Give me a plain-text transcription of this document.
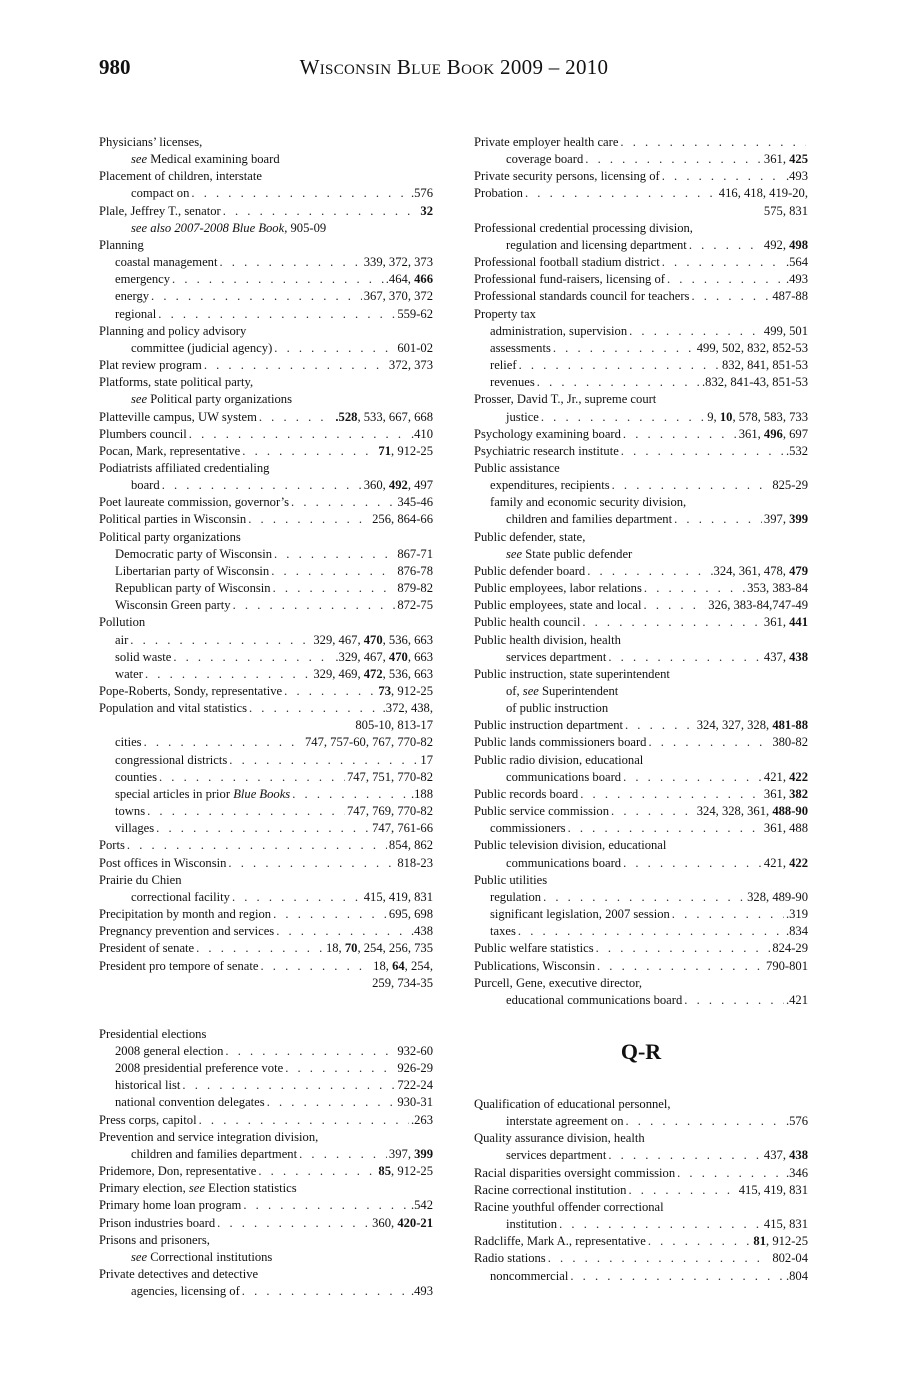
980	Wisconsin Blue Book 2009 – 2010
Physicians’ licenses,
see Medical examining board
Placement of children, interstate
compact on . . .	.576
Plale, Jeffrey T., senator . . .	32
see also 2007-2008 Blue Book, 905-09
Planning
coastal management . . .	339, 372, 373
emergency . . .	.464, 466
energy . . .	367, 370, 372
regional . . .	559-62
Planning and policy advisory
committee (judicial agency) . . .	601-02
Plat review program . . .	372, 373
Platforms, state political party,
see Political party organizations
Platteville campus, UW system . . .	.528, 533, 667, 668
Plumbers council . . .	.410
Pocan, Mark, representative . . .	71, 912-25
Podiatrists affiliated credentialing
board . . .	360, 492, 497
Poet laureate commission, governor’s . . .	345-46
Political parties in Wisconsin . . .	256, 864-66
Political party organizations
Democratic party of Wisconsin . . .	867-71
Libertarian party of Wisconsin . . .	876-78
Republican party of Wisconsin . . .	879-82
Wisconsin Green party . . .	872-75
Pollution
air . . .	329, 467, 470, 536, 663
solid waste . . .	.329, 467, 470, 663
water . . .	329, 469, 472, 536, 663
Pope-Roberts, Sondy, representative . . .	73, 912-25
Population and vital statistics . . .	.372, 438,
805-10, 813-17
cities . . .	747, 757-60, 767, 770-82
congressional districts . . .	17
counties . . .	747, 751, 770-82
special articles in prior Blue Books . . .	.188
towns . . .	747, 769, 770-82
villages . . .	747, 761-66
Ports . . .	854, 862
Post offices in Wisconsin . . .	818-23
Prairie du Chien
correctional facility . . .	415, 419, 831
Precipitation by month and region . . .	695, 698
Pregnancy prevention and services . . .	.438
President of senate . . .	18, 70, 254, 256, 735
President pro tempore of senate . . .	18, 64, 254,
259, 734-35
Presidential elections
2008 general election . . .	932-60
2008 presidential preference vote . . .	926-29
historical list . . .	722-24
national convention delegates . . .	930-31
Press corps, capitol . . .	.263
Prevention and service integration division,
children and families department . . .	397, 399
Pridemore, Don, representative . . .	85, 912-25
Primary election, see Election statistics
Primary home loan program . . .	.542
Prison industries board . . .	360, 420-21
Prisons and prisoners,
see Correctional institutions
Private detectives and detective
agencies, licensing of . . .	.493
Private employer health care
. . .
coverage board . . .	361, 425
Private security persons, licensing of . . .	.493
Probation . . .	416, 418, 419-20,
575, 831
Professional credential processing division,
regulation and licensing department . . .	492, 498
Professional football stadium district . . .	.564
Professional fund-raisers, licensing of . . .	.493
Professional standards council for teachers . . .	487-88
Property tax
administration, supervision . . .	499, 501
assessments . . .	499, 502, 832, 852-53
relief . . .	832, 841, 851-53
revenues . . .	.832, 841-43, 851-53
Prosser, David T., Jr., supreme court
justice . . .	9, 10, 578, 583, 733
Psychology examining board . . .	361, 496, 697
Psychiatric research institute . . .	.532
Public assistance
expenditures, recipients . . .	825-29
family and economic security division,
children and families department . . .	397, 399
Public defender, state,
see State public defender
Public defender board . . .	.324, 361, 478, 479
Public employees, labor relations . . .	353, 383-84
Public employees, state and local . . .	326, 383-84,747-49
Public health council . . .	361, 441
Public health division, health
services department . . .	437, 438
Public instruction, state superintendent
of, see Superintendent
of public instruction
Public instruction department . . .	324, 327, 328, 481-88
Public lands commissioners board . . .	380-82
Public radio division, educational
communications board . . .	421, 422
Public records board . . .	361, 382
Public service commission . . .	324, 328, 361, 488-90
commissioners . . .	361, 488
Public television division, educational
communications board . . .	421, 422
Public utilities
regulation . . .	328, 489-90
significant legislation, 2007 session . . .	.319
taxes . . .	.834
Public welfare statistics . . .	824-29
Publications, Wisconsin . . .	790-801
Purcell, Gene, executive director,
educational communications board . . .	.421
Q-R
Qualification of educational personnel,
interstate agreement on . . .	.576
Quality assurance division, health
services department . . .	437, 438
Racial disparities oversight commission . . .	.346
Racine correctional institution . . .	415, 419, 831
Racine youthful offender correctional
institution . . .	415, 831
Radcliffe, Mark A., representative . . .	81, 912-25
Radio stations . . .	802-04
noncommercial . . .	.804
